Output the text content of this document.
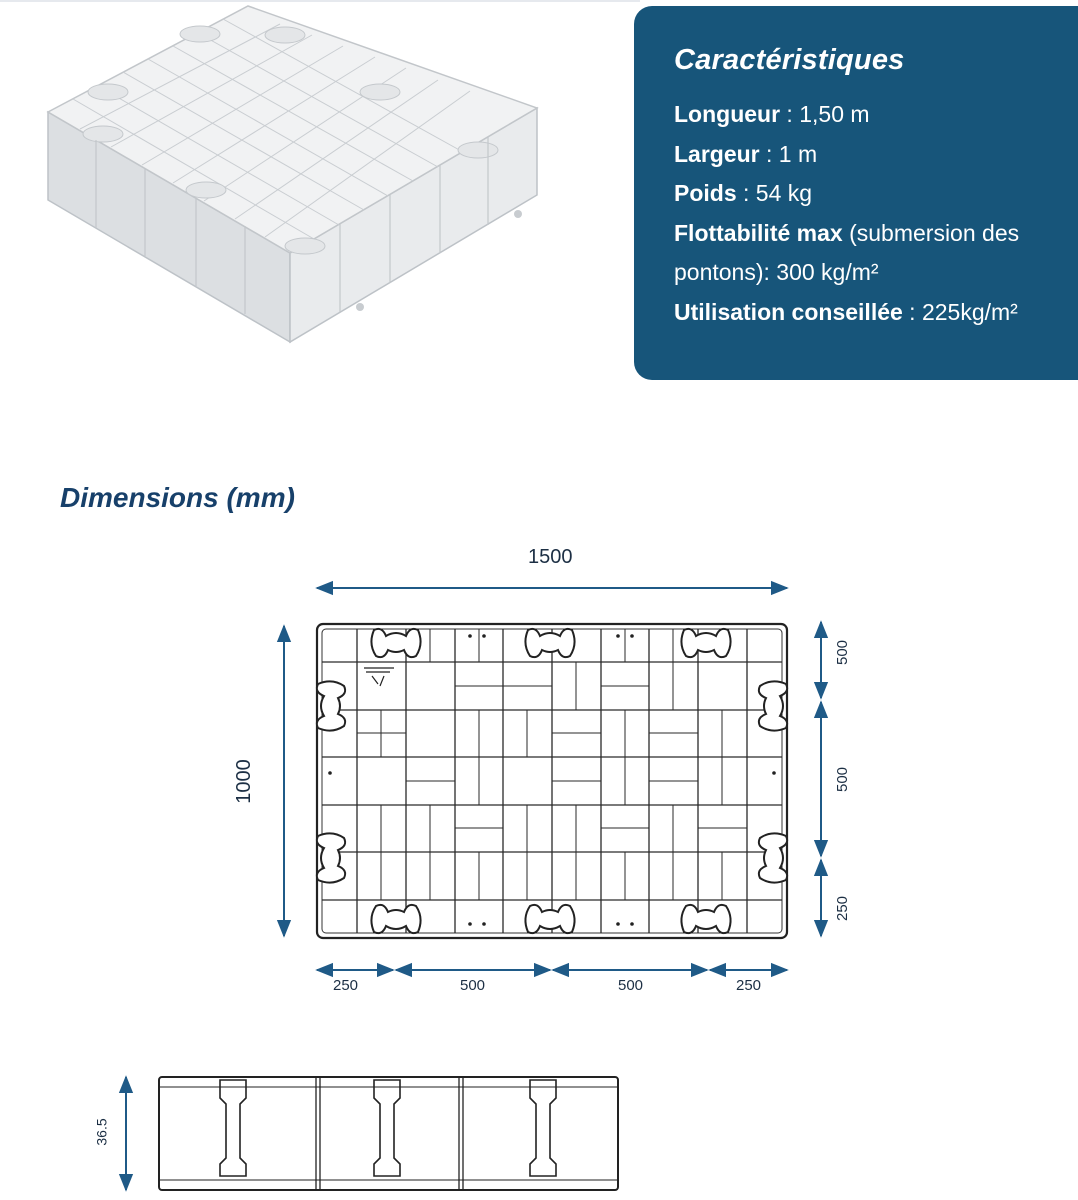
Caractéristiques
Longueur : 1,50 m
Largeur : 1 m
Poids : 54 kg
Flottabilité max (submersion des
pontons): 300 kg/m²
Utilisation conseillée : 225kg/m²
Dimensions (mm)
1500
1000
500
500
250
250	500	500	250
36.5
